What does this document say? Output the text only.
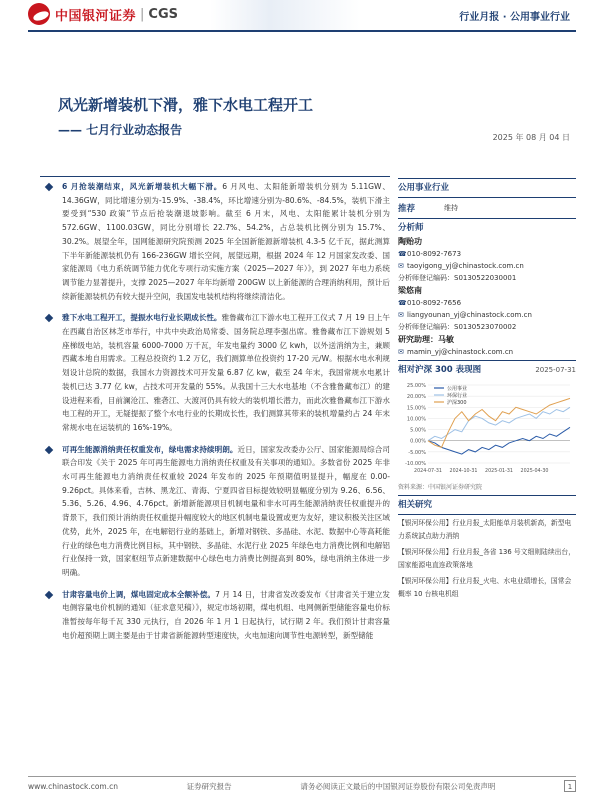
中国银河证券 | CGS	行业月报 · 公用事业行业
风光新增装机下滑，雅下水电工程开工
—— 七月行业动态报告
2025 年 08 月 04 日
6 月抢装潮结束，风光新增装机大幅下滑。6 月风电、太阳能新增装机分别为 5.11GW、14.36GW，同比增速分别为-15.9%、-38.4%，环比增速分别为-80.6%、-84.5%，装机下滑主要受到“530 政策”节点后抢装潮退坡影响。截至 6 月末，风电、太阳能累计装机分别为 572.6GW、1100.03GW，同比分别增长 22.7%、54.2%，占总装机比例分别为 15.7%、30.2%。展望全年，国网能源研究院预测 2025 年全国新能源新增装机 4.3-5 亿千瓦，据此测算下半年新能源装机仍有 166-236GW 增长空间，展望远期，根据 2024 年 12 月国家发改委、国家能源局《电力系统调节能力优化专项行动实施方案（2025—2027 年）》，到 2027 年电力系统调节能力显著提升，支撑 2025—2027 年年均新增 200GW 以上新能源的合理消纳利用，预计后续新能源装机仍有较大提升空间，我国发电装机结构将继续清洁化。
雅下水电工程开工，提振水电行业长期成长性。雅鲁藏布江下游水电工程开工仪式 7 月 19 日上午在西藏自治区林芝市举行，中共中央政治局常委、国务院总理李强出席。雅鲁藏布江下游规划 5 座梯级电站，装机容量 6000-7000 万千瓦，年发电量约 3000 亿 kwh，以外送消纳为主，兼顾西藏本地自用需求。工程总投资约 1.2 万亿，我们测算单位投资约 17-20 元/W。根据水电水利规划设计总院的数据，我国水力资源技术可开发量 6.87 亿 kw，截至 24 年末，我国常规水电累计装机已达 3.77 亿 kw，占技术可开发量的 55%。从我国十三大水电基地（不含雅鲁藏布江）的建设进程来看，目前澜沧江、雅砻江、大渡河仍具有较大的装机增长潜力，而此次雅鲁藏布江下游水电工程的开工，无疑提振了整个水电行业的长期成长性，我们测算其带来的装机增量约占 24 年末常规水电在运装机的 16%-19%。
可再生能源消纳责任权重发布，绿电需求持续明朗。近日，国家发改委办公厅、国家能源局综合司联合印发《关于 2025 年可再生能源电力消纳责任权重及有关事项的通知》。多数省份 2025 年非水可再生能源电力消纳责任权重较 2024 年发布的 2025 年预期值明显提升，幅度在 0.00-9.26pct。具体来看，吉林、黑龙江、青海、宁夏四省目标提效较明显幅度分别为 9.26、6.56、5.36、5.26、4.96、4.76pct。新增新能源项目机制电量和非水可再生能源消纳责任权重提升的背景下，我们预计消纳责任权重提升幅度较大的地区机制电量设置或更为友好，建议积极关注区域优势，此外，2025 年，在电解铝行业的基础上，新增对钢铁、多晶硅、水泥、数据中心等高耗能行业的绿色电力消费比例目标，其中钢铁、多晶硅、水泥行业 2025 年绿色电力消费比例和电解铝行业保持一致，国家枢纽节点新建数据中心绿色电力消费比例提高到 80%，绿电消纳主体进一步明确。
甘肃容量电价上调，煤电固定成本全额补偿。7 月 14 日，甘肃省发改委发布《甘肃省关于建立发电侧容量电价机制的通知（征求意见稿）》，规定市场初期，煤电机组、电网侧新型储能容量电价标准暂按每年每千瓦 330 元执行，自 2026 年 1 月 1 日起执行，试行期 2 年。我们预计甘肃容量电价超预期上调主要是由于甘肃省新能源转型速度快，火电加速向调节性电源转型，新型储能
公用事业行业
推荐	维持
分析师
陶贻功
☎010-8092-7673
✉ taoyigong_yj@chinastock.com.cn
分析师登记编码：S0130522030001
梁悠南
☎010-8092-7656
✉ liangyounan_yj@chinastock.com.cn
分析师登记编码：S0130523070002
研究助理：马敏
✉ mamin_yj@chinastock.com.cn
相对沪深 300 表现图	2025-07-31
25.00%
20.00%
15.00%
10.00%
5.00%
0.00%
-5.00%
-10.00%
2024-07-31 2024-10-31 2025-01-31 2025-04-30
公用事业
环保行业
沪深300
资料来源：中国银河证券研究院
相关研究
【银河环保公用】行业月报_太阳能单月装机新高，新型电力系统試点助力消纳
【银河环保公用】行业月报_各省 136 号文细则陆续出台，国家能源电直连政策落地
【银河环保公用】行业月报_火电、水电业绩增长，国常会概率 10 台核电机组
www.chinastock.com.cn	证券研究报告	请务必阅读正文最后的中国银河证券股份有限公司免责声明	1
